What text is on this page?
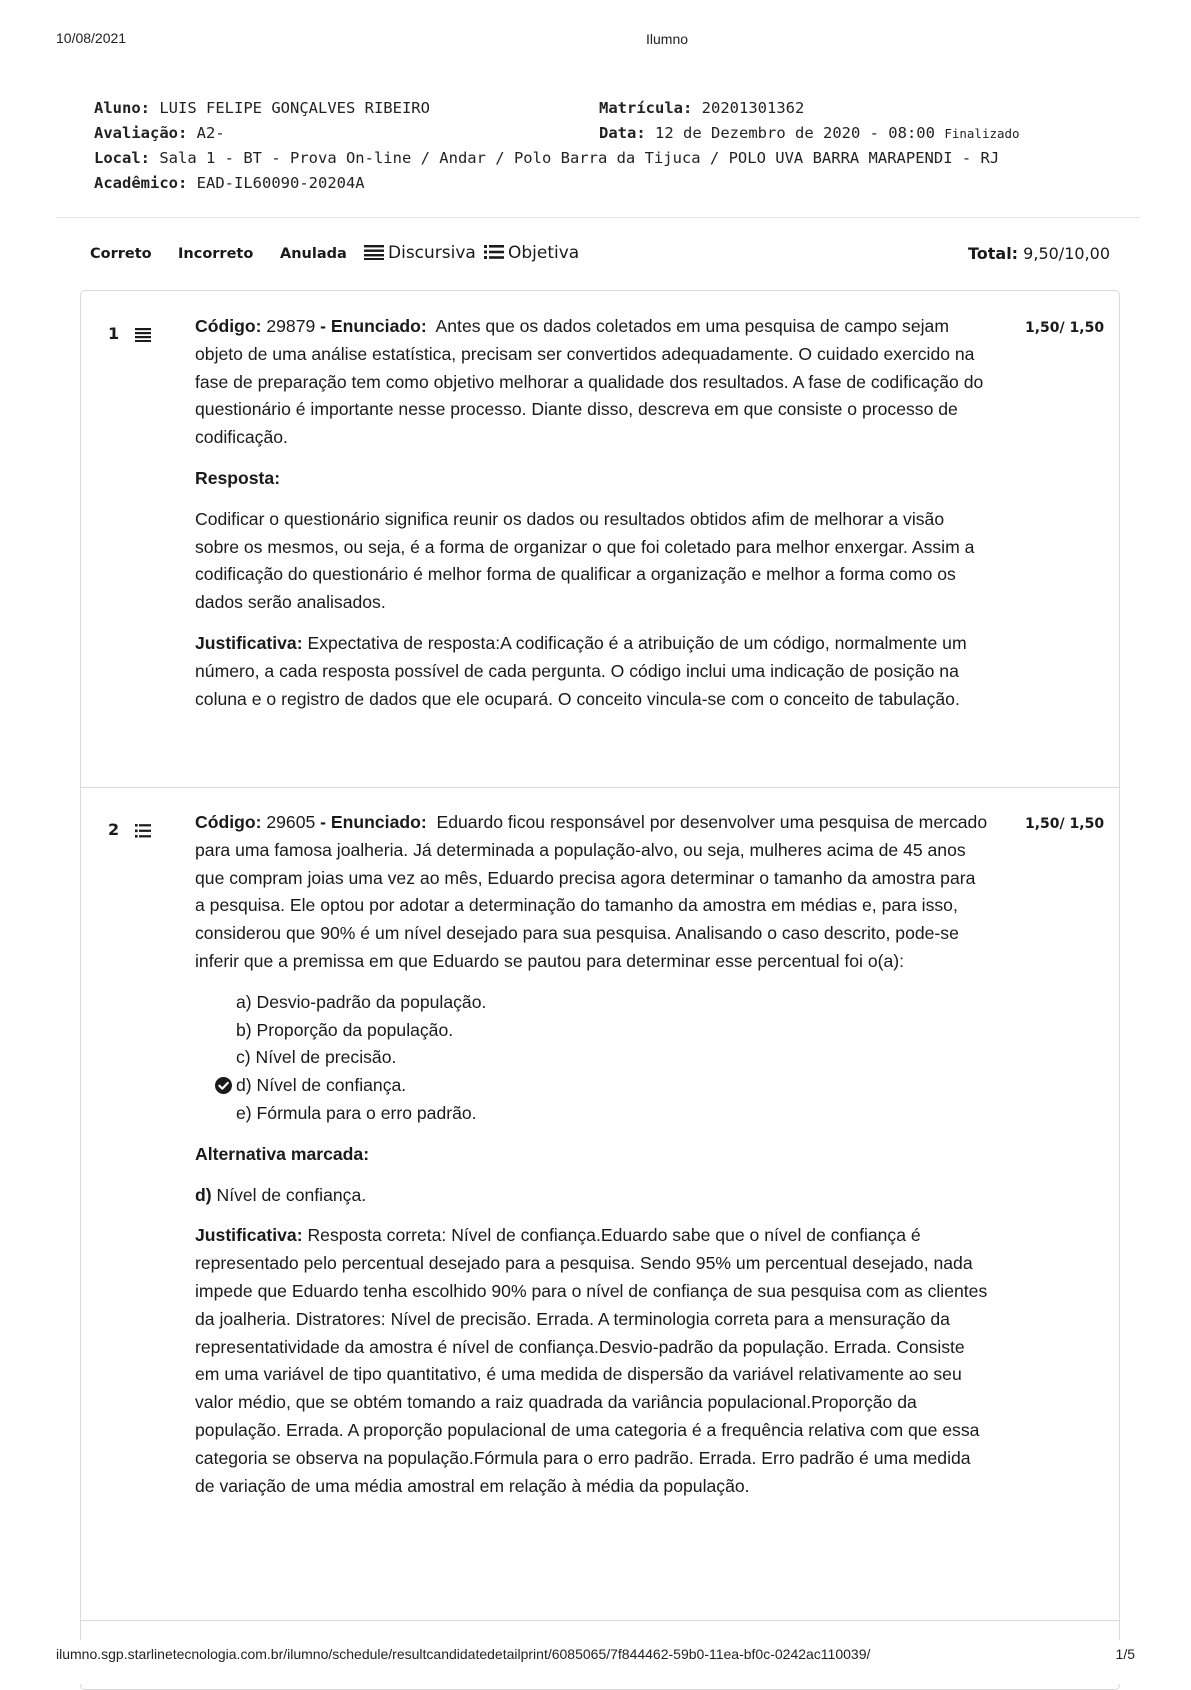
10/08/2021	Ilumno
Aluno: LUIS FELIPE GONÇALVES RIBEIRO	Matrícula: 20201301362
Avaliação: A2-	Data: 12 de Dezembro de 2020 - 08:00 Finalizado
Local: Sala 1 - BT - Prova On-line / Andar / Polo Barra da Tijuca / POLO UVA BARRA MARAPENDI - RJ
Acadêmico: EAD-IL60090-20204A
Correto Incorreto Anulada Discursiva Objetiva	Total: 9,50/10,00
1	1,50/ 1,50

Código: 29879 - Enunciado: Antes que os dados coletados em uma pesquisa de campo sejam objeto de uma análise estatística, precisam ser convertidos adequadamente. O cuidado exercido na fase de preparação tem como objetivo melhorar a qualidade dos resultados. A fase de codificação do questionário é importante nesse processo. Diante disso, descreva em que consiste o processo de codificação.

Resposta:

Codificar o questionário significa reunir os dados ou resultados obtidos afim de melhorar a visão sobre os mesmos, ou seja, é a forma de organizar o que foi coletado para melhor enxergar. Assim a codificação do questionário é melhor forma de qualificar a organização e melhor a forma como os dados serão analisados.

Justificativa: Expectativa de resposta:A codificação é a atribuição de um código, normalmente um número, a cada resposta possível de cada pergunta. O código inclui uma indicação de posição na coluna e o registro de dados que ele ocupará. O conceito vincula-se com o conceito de tabulação.

2	1,50/ 1,50

Código: 29605 - Enunciado: Eduardo ficou responsável por desenvolver uma pesquisa de mercado para uma famosa joalheria. Já determinada a população-alvo, ou seja, mulheres acima de 45 anos que compram joias uma vez ao mês, Eduardo precisa agora determinar o tamanho da amostra para a pesquisa. Ele optou por adotar a determinação do tamanho da amostra em médias e, para isso, considerou que 90% é um nível desejado para sua pesquisa. Analisando o caso descrito, pode-se inferir que a premissa em que Eduardo se pautou para determinar esse percentual foi o(a):

a) Desvio-padrão da população.
b) Proporção da população.
c) Nível de precisão.
d) Nível de confiança.
e) Fórmula para o erro padrão.

Alternativa marcada:

d) Nível de confiança.

Justificativa: Resposta correta: Nível de confiança.Eduardo sabe que o nível de confiança é representado pelo percentual desejado para a pesquisa. Sendo 95% um percentual desejado, nada impede que Eduardo tenha escolhido 90% para o nível de confiança de sua pesquisa com as clientes da joalheria. Distratores: Nível de precisão. Errada. A terminologia correta para a mensuração da representatividade da amostra é nível de confiança.Desvio-padrão da população. Errada. Consiste em uma variável de tipo quantitativo, é uma medida de dispersão da variável relativamente ao seu valor médio, que se obtém tomando a raiz quadrada da variância populacional.Proporção da população. Errada. A proporção populacional de uma categoria é a frequência relativa com que essa categoria se observa na população.Fórmula para o erro padrão. Errada. Erro padrão é uma medida de variação de uma média amostral em relação à média da população.

ilumno.sgp.starlinetecnologia.com.br/ilumno/schedule/resultcandidatedetailprint/6085065/7f844462-59b0-11ea-bf0c-0242ac110039/	1/5
